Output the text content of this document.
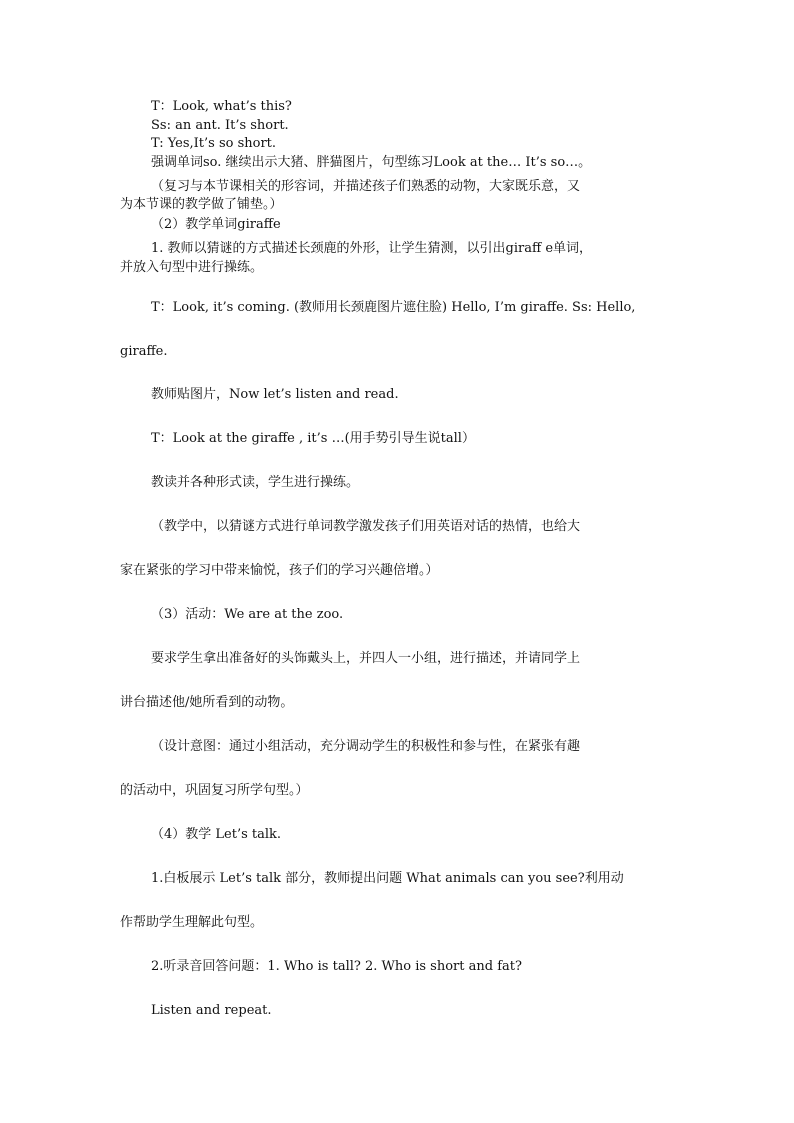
T：Look, what’s this?
Ss: an ant. It’s short.
T: Yes,It’s so short.
强调单词so. 继续出示大猪、胖猫图片，句型练习Look at the… It’s so…。
（复习与本节课相关的形容词，并描述孩子们熟悉的动物，大家既乐意，又
为本节课的教学做了铺垫。）
（2）教学单词giraffe
1. 教师以猜谜的方式描述长颈鹿的外形，让学生猜测，以引出giraff e单词，
并放入句型中进行操练。
T：Look, it’s coming. (教师用长颈鹿图片遮住脸) Hello, I’m giraffe. Ss: Hello,
giraffe.
教师贴图片，Now let’s listen and read.
T：Look at the giraffe , it’s …(用手势引导生说tall）
教读并各种形式读，学生进行操练。
（教学中，以猜谜方式进行单词教学激发孩子们用英语对话的热情，也给大
家在紧张的学习中带来愉悦，孩子们的学习兴趣倍增。）
（3）活动：We are at the zoo.
要求学生拿出准备好的头饰戴头上，并四人一小组，进行描述，并请同学上
讲台描述他/她所看到的动物。
（设计意图：通过小组活动，充分调动学生的积极性和参与性，在紧张有趣
的活动中，巩固复习所学句型。）
（4）教学 Let’s talk.
1.白板展示 Let’s talk 部分，教师提出问题 What animals can you see?利用动
作帮助学生理解此句型。
2.听录音回答问题：1. Who is tall? 2. Who is short and fat?
Listen and repeat.
